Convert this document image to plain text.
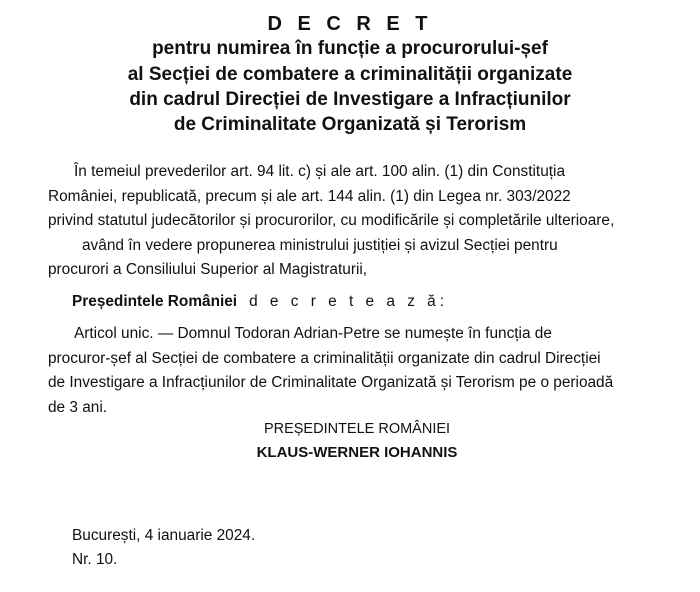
D E C R E T
pentru numirea în funcție a procurorului-șef
al Secției de combatere a criminalității organizate
din cadrul Direcției de Investigare a Infracțiunilor
de Criminalitate Organizată și Terorism
În temeiul prevederilor art. 94 lit. c) și ale art. 100 alin. (1) din Constituția
României, republicată, precum și ale art. 144 alin. (1) din Legea nr. 303/2022
privind statutul judecătorilor și procurorilor, cu modificările și completările ulterioare,
având în vedere propunerea ministrului justiției și avizul Secției pentru
procurori a Consiliului Superior al Magistraturii,
Președintele României d e c r e t e a z ă:
Articol unic. — Domnul Todoran Adrian-Petre se numește în funcția de
procuror-șef al Secției de combatere a criminalității organizate din cadrul Direcției
de Investigare a Infracțiunilor de Criminalitate Organizată și Terorism pe o perioadă
de 3 ani.
PREȘEDINTELE ROMÂNIEI
KLAUS-WERNER IOHANNIS
București, 4 ianuarie 2024.
Nr. 10.
